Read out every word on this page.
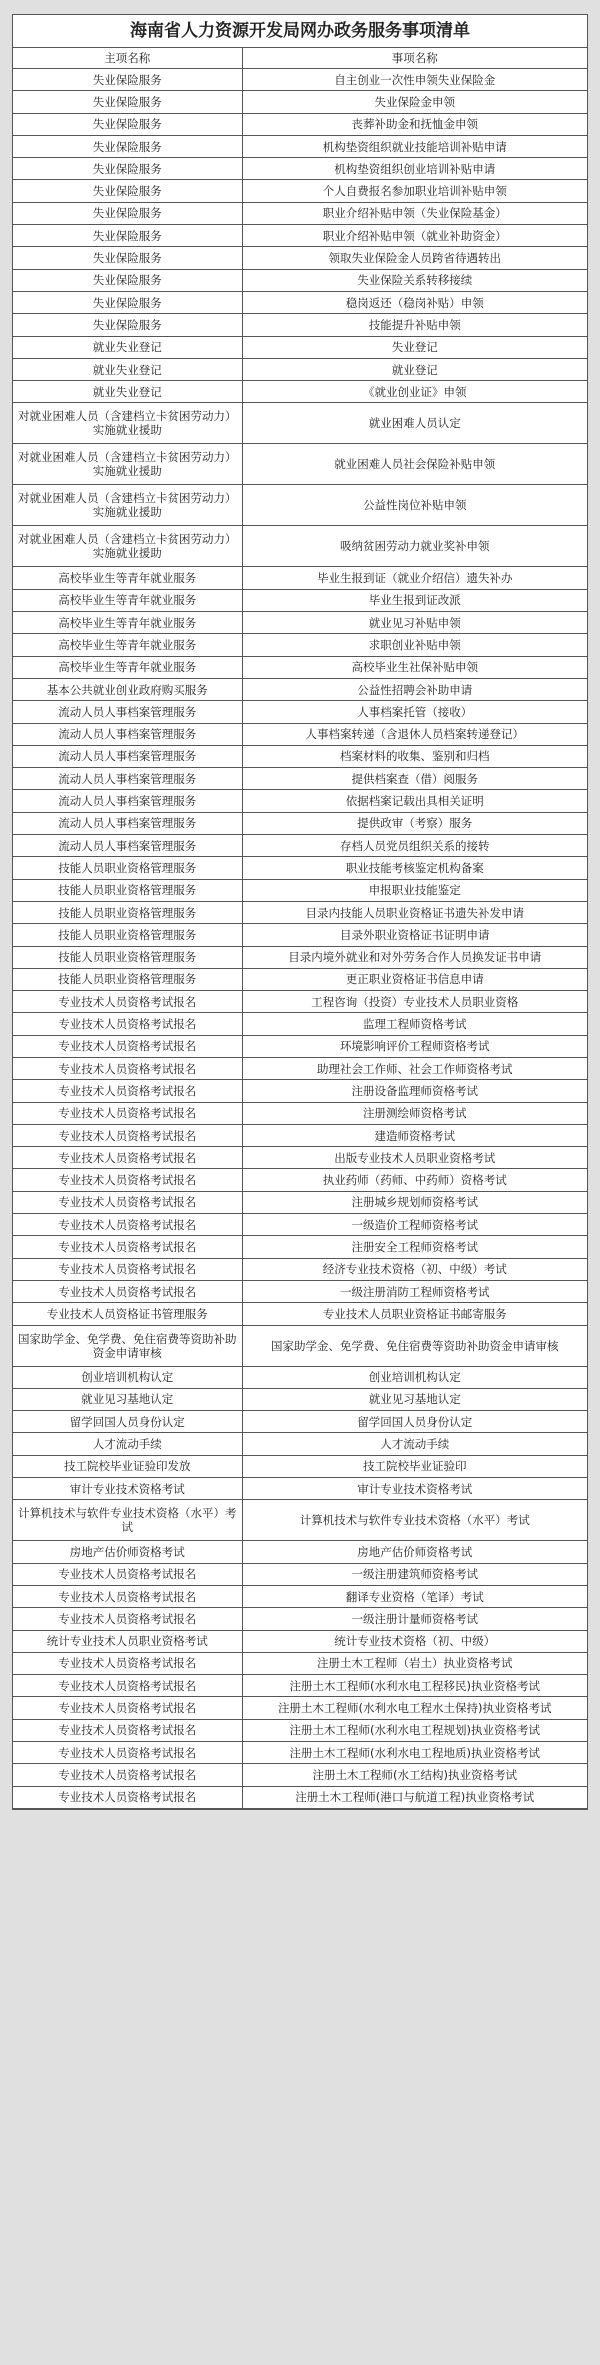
海南省人力资源开发局网办政务服务事项清单
主项名称	事项名称
失业保险服务	自主创业一次性申领失业保险金
失业保险服务	失业保险金申领
失业保险服务	丧葬补助金和抚恤金申领
失业保险服务	机构垫资组织就业技能培训补贴申请
失业保险服务	机构垫资组织创业培训补贴申请
失业保险服务	个人自费报名参加职业培训补贴申领
失业保险服务	职业介绍补贴申领（失业保险基金）
失业保险服务	职业介绍补贴申领（就业补助资金）
失业保险服务	领取失业保险金人员跨省待遇转出
失业保险服务	失业保险关系转移接续
失业保险服务	稳岗返还（稳岗补贴）申领
失业保险服务	技能提升补贴申领
就业失业登记	失业登记
就业失业登记	就业登记
就业失业登记	《就业创业证》申领
对就业困难人员（含建档立卡贫困劳动力）实施就业援助	就业困难人员认定
对就业困难人员（含建档立卡贫困劳动力）实施就业援助	就业困难人员社会保险补贴申领
对就业困难人员（含建档立卡贫困劳动力）实施就业援助	公益性岗位补贴申领
对就业困难人员（含建档立卡贫困劳动力）实施就业援助	吸纳贫困劳动力就业奖补申领
高校毕业生等青年就业服务	毕业生报到证（就业介绍信）遗失补办
高校毕业生等青年就业服务	毕业生报到证改派
高校毕业生等青年就业服务	就业见习补贴申领
高校毕业生等青年就业服务	求职创业补贴申领
高校毕业生等青年就业服务	高校毕业生社保补贴申领
基本公共就业创业政府购买服务	公益性招聘会补助申请
流动人员人事档案管理服务	人事档案托管（接收）
流动人员人事档案管理服务	人事档案转递（含退休人员档案转递登记）
流动人员人事档案管理服务	档案材料的收集、鉴别和归档
流动人员人事档案管理服务	提供档案查（借）阅服务
流动人员人事档案管理服务	依据档案记载出具相关证明
流动人员人事档案管理服务	提供政审（考察）服务
流动人员人事档案管理服务	存档人员党员组织关系的接转
技能人员职业资格管理服务	职业技能考核鉴定机构备案
技能人员职业资格管理服务	申报职业技能鉴定
技能人员职业资格管理服务	目录内技能人员职业资格证书遗失补发申请
技能人员职业资格管理服务	目录外职业资格证书证明申请
技能人员职业资格管理服务	目录内境外就业和对外劳务合作人员换发证书申请
技能人员职业资格管理服务	更正职业资格证书信息申请
专业技术人员资格考试报名	工程咨询（投资）专业技术人员职业资格
专业技术人员资格考试报名	监理工程师资格考试
专业技术人员资格考试报名	环境影响评价工程师资格考试
专业技术人员资格考试报名	助理社会工作师、社会工作师资格考试
专业技术人员资格考试报名	注册设备监理师资格考试
专业技术人员资格考试报名	注册测绘师资格考试
专业技术人员资格考试报名	建造师资格考试
专业技术人员资格考试报名	出版专业技术人员职业资格考试
专业技术人员资格考试报名	执业药师（药师、中药师）资格考试
专业技术人员资格考试报名	注册城乡规划师资格考试
专业技术人员资格考试报名	一级造价工程师资格考试
专业技术人员资格考试报名	注册安全工程师资格考试
专业技术人员资格考试报名	经济专业技术资格（初、中级）考试
专业技术人员资格考试报名	一级注册消防工程师资格考试
专业技术人员资格证书管理服务	专业技术人员职业资格证书邮寄服务
国家助学金、免学费、免住宿费等资助补助资金申请审核	国家助学金、免学费、免住宿费等资助补助资金申请审核
创业培训机构认定	创业培训机构认定
就业见习基地认定	就业见习基地认定
留学回国人员身份认定	留学回国人员身份认定
人才流动手续	人才流动手续
技工院校毕业证验印发放	技工院校毕业证验印
审计专业技术资格考试	审计专业技术资格考试
计算机技术与软件专业技术资格（水平）考试	计算机技术与软件专业技术资格（水平）考试
房地产估价师资格考试	房地产估价师资格考试
专业技术人员资格考试报名	一级注册建筑师资格考试
专业技术人员资格考试报名	翻译专业资格（笔译）考试
专业技术人员资格考试报名	一级注册计量师资格考试
统计专业技术人员职业资格考试	统计专业技术资格（初、中级）
专业技术人员资格考试报名	注册土木工程师（岩土）执业资格考试
专业技术人员资格考试报名	注册土木工程师(水利水电工程移民)执业资格考试
专业技术人员资格考试报名	注册土木工程师(水利水电工程水土保持)执业资格考试
专业技术人员资格考试报名	注册土木工程师(水利水电工程规划)执业资格考试
专业技术人员资格考试报名	注册土木工程师(水利水电工程地质)执业资格考试
专业技术人员资格考试报名	注册土木工程师(水工结构)执业资格考试
专业技术人员资格考试报名	注册土木工程师(港口与航道工程)执业资格考试
